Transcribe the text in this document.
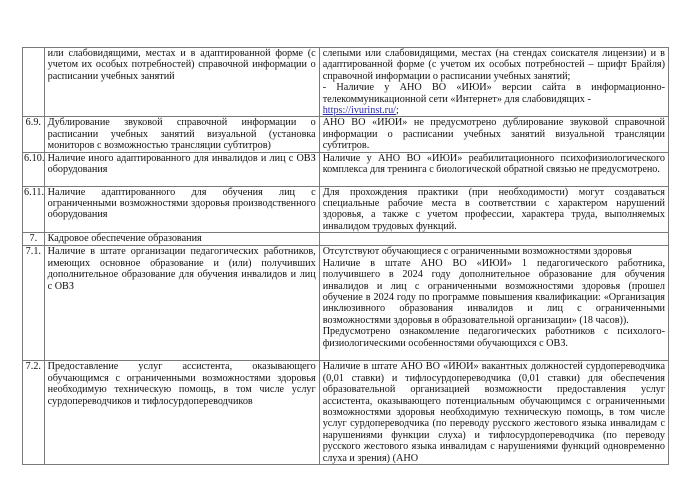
	или слабовидящими, местах и в адаптированной форме (с учетом их особых потребностей) справочной информации о расписании учебных занятий	слепыми или слабовидящими, местах (на стендах соискателя лицензии) и в адаптированной форме (с учетом их особых потребностей – шрифт Брайля) справочной информации о расписании учебных занятий;

- Наличие у АНО ВО «ИЮИ» версии сайта в информационно-телекоммуникационной сети «Интернет» для слабовидящих -

https://ivurinst.ru/;

6.9.	Дублирование звуковой справочной информации о расписании учебных занятий визуальной (установка мониторов с возможностью трансляции субтитров)	АНО ВО «ИЮИ» не предусмотрено дублирование звуковой справочной информации о расписании учебных занятий визуальной трансляции субтитров.
6.10.	Наличие иного адаптированного для инвалидов и лиц с ОВЗ оборудования	Наличие у АНО ВО «ИЮИ» реабилитационного психофизиологического комплекса для тренинга с биологической обратной связью не предусмотрено.
6.11.	Наличие адаптированного для обучения лиц с ограниченными возможностями здоровья производственного оборудования	Для прохождения практики (при необходимости) могут создаваться специальные рабочие места в соответствии с характером нарушений здоровья, а также с учетом профессии, характера труда, выполняемых инвалидом трудовых функций.
7.	Кадровое обеспечение образования	
7.1.	Наличие в штате организации педагогических работников, имеющих основное образование и (или) получивших дополнительное образование для обучения инвалидов и лиц с ОВЗ	Отсутствуют обучающиеся с ограниченными возможностями здоровья

Наличие в штате АНО ВО «ИЮИ» 1 педагогического работника, получившего в 2024 году дополнительное образование для обучения инвалидов и лиц с ограниченными возможностями здоровья (прошел обучение в 2024 году по программе повышения квалификации: «Организация инклюзивного образования инвалидов и лиц с ограниченными возможностями здоровья в образовательной организации» (18 часов)).

Предусмотрено ознакомление педагогических работников с психолого-физиологическими особенностями обучающихся с ОВЗ.

7.2.	Предоставление услуг ассистента, оказывающего обучающимся с ограниченными возможностями здоровья необходимую техническую помощь, в том числе услуг сурдопереводчиков и тифлосурдопереводчиков	Наличие в штате АНО ВО «ИЮИ» вакантных должностей сурдопереводчика (0,01 ставки) и тифлосурдопереводчика (0,01 ставки) для обеспечения образовательной организацией возможности предоставления услуг ассистента, оказывающего потенциальным обучающимся с ограниченными возможностями здоровья необходимую техническую помощь, в том числе услуг сурдопереводчика (по переводу русского жестового языка инвалидам с нарушениями функции слуха) и тифлосурдопереводчика (по переводу русского жестового языка инвалидам с нарушениями функций одновременно слуха и зрения) (АНО
